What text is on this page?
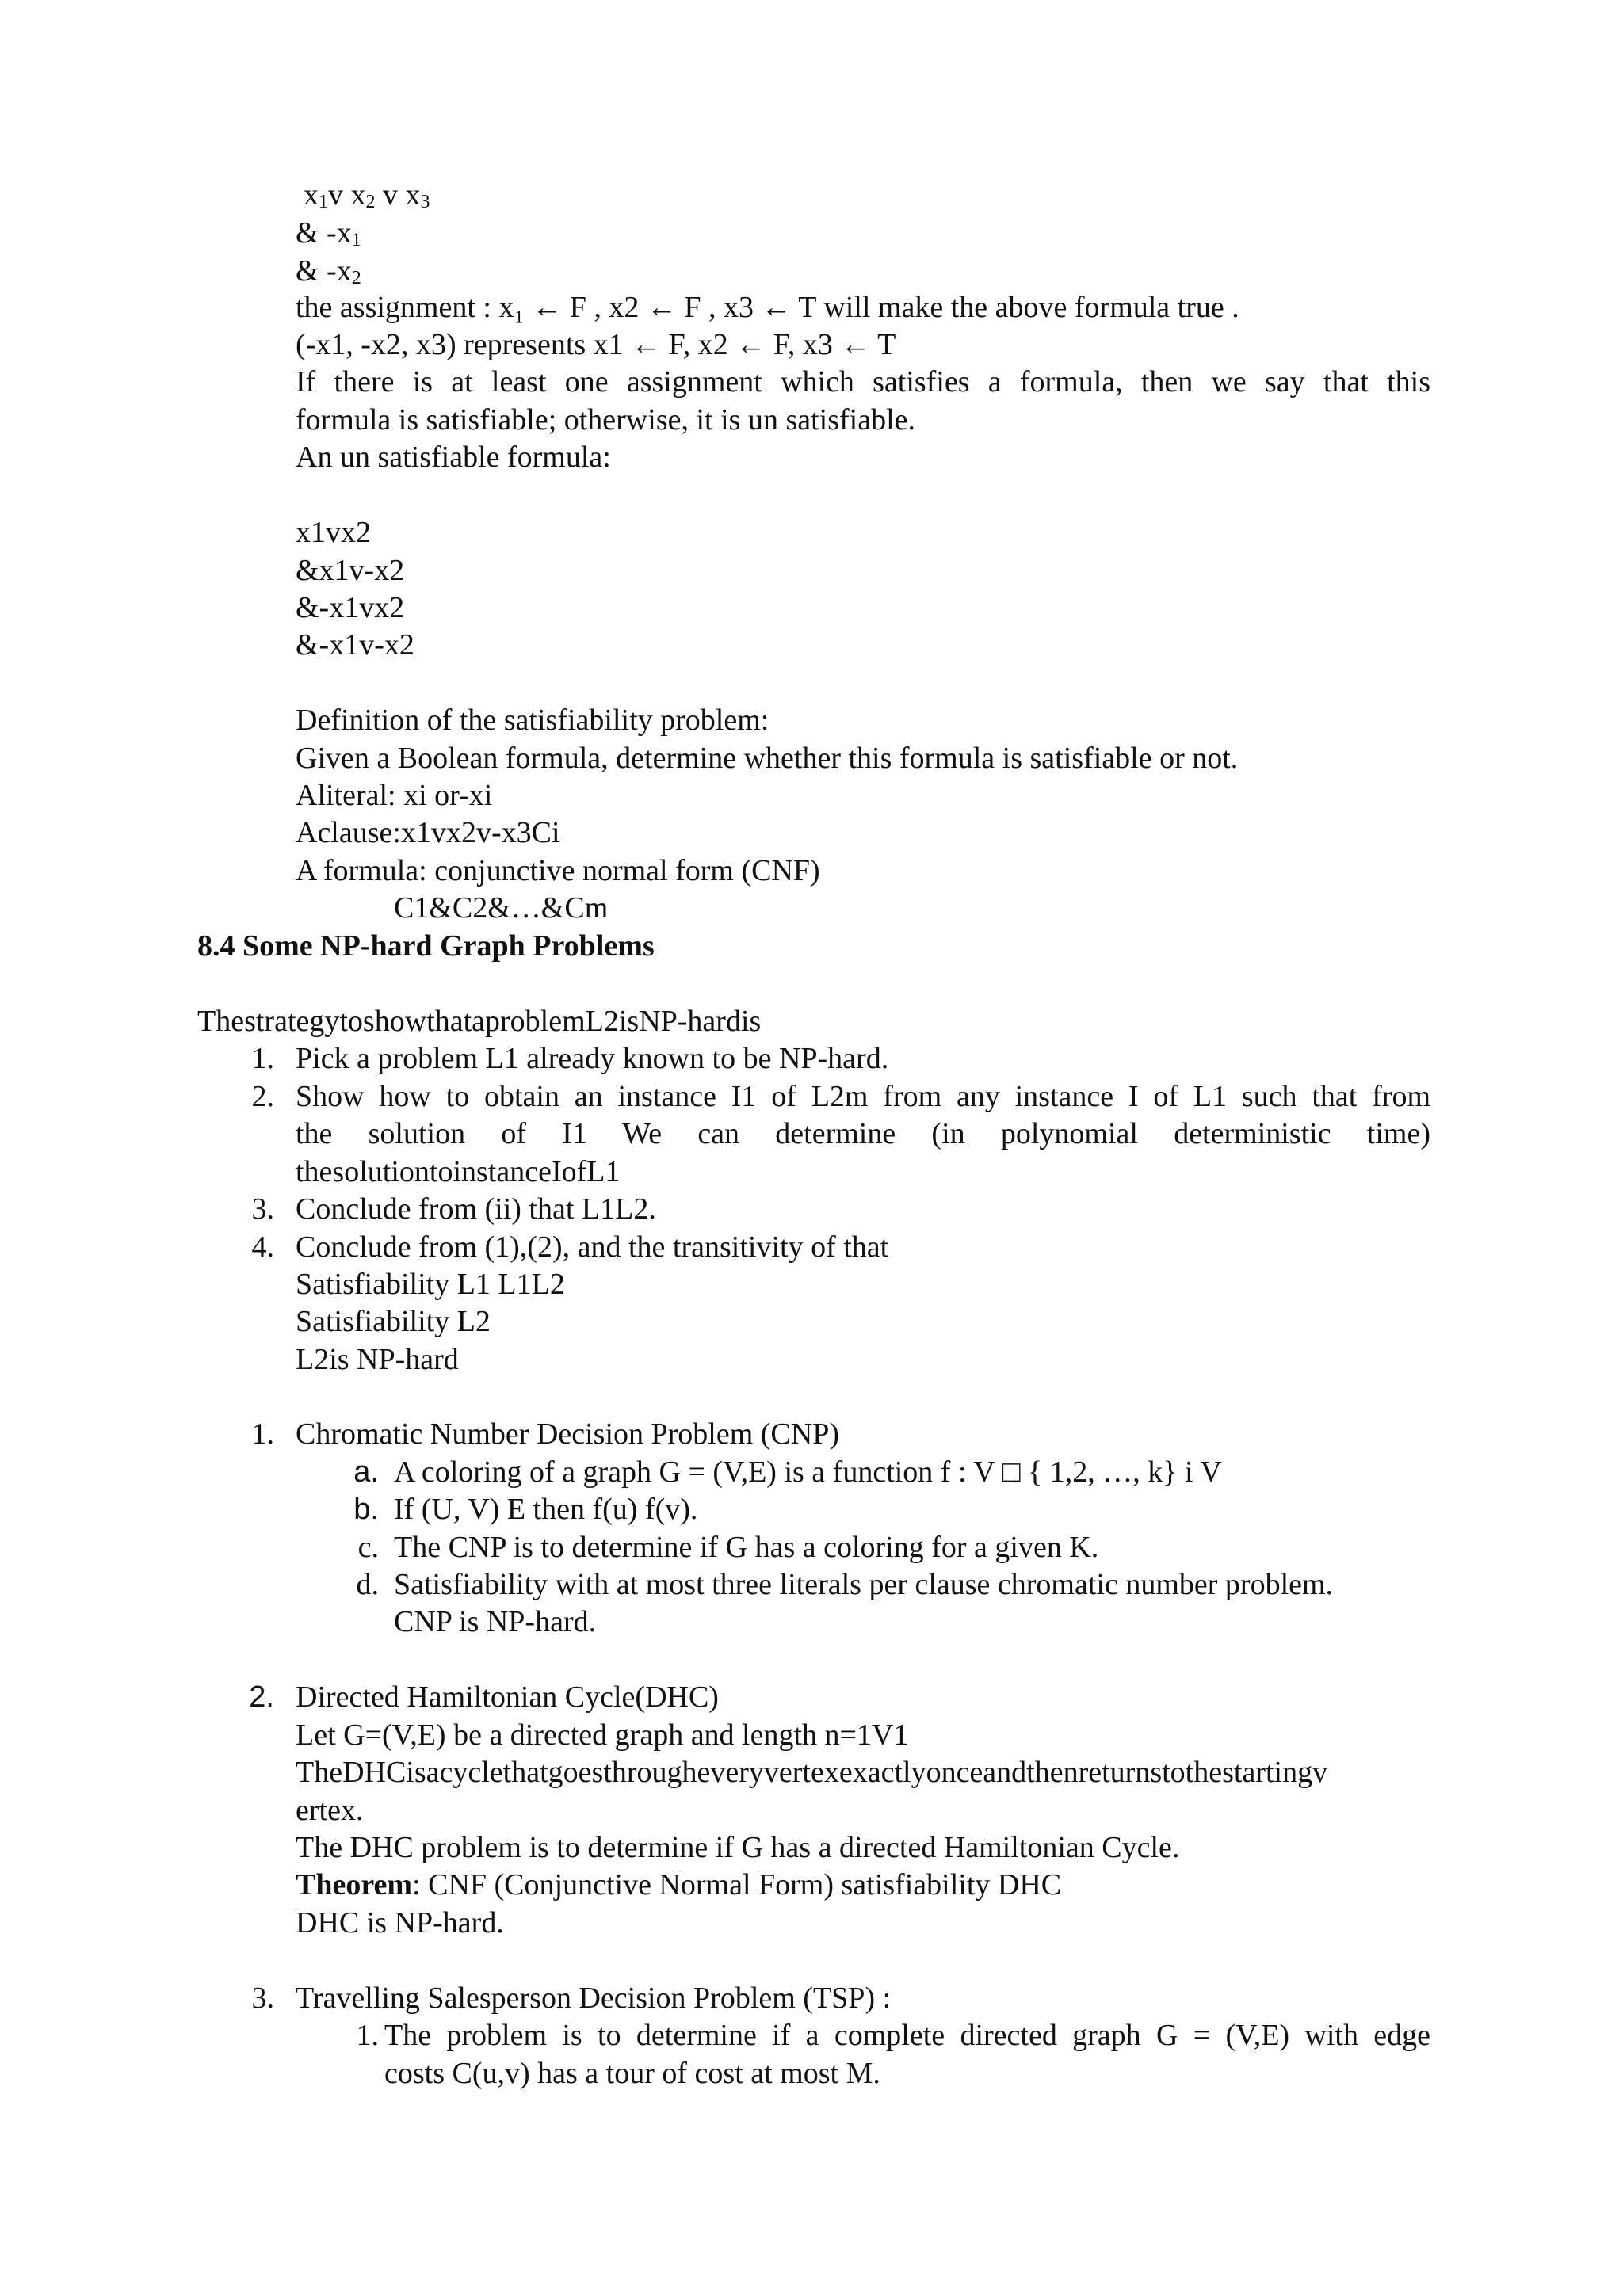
$x_1v$ $x_2$ v $x_3$
& $-x_1$
& $-x_2$
the assignment : x₁ ← F , x2 ← F , x3 ← T will make the above formula true .
(-x1, -x2, x3) represents x1 ← F, x2 ← F, x3 ← T
If there is at least one assignment which satisfies a formula, then we say that this
formula is satisfiable; otherwise, it is un satisfiable.
An un satisfiable formula:
x1vx2
&x1v-x2
&-x1vx2
&-x1v-x2
Definition of the satisfiability problem:
Given a Boolean formula, determine whether this formula is satisfiable or not.
Aliteral: xi or-xi
Aclause:x1vx2v-x3Ci
A formula: conjunctive normal form (CNF)
C1&C2&…&Cm
8.4 Some NP-hard Graph Problems
ThestrategytoshowthataproblemL2isNP-hardis
1. Pick a problem L1 already known to be NP-hard.
2. Show how to obtain an instance I1 of L2m from any instance I of L1 such that from
the solution of I1 We can determine (in polynomial deterministic time)
thesolutiontoinstanceIofL1
3. Conclude from (ii) that L1L2.
4. Conclude from (1),(2), and the transitivity of that
Satisfiability L1 L1L2
Satisfiability L2
L2is NP-hard
1. Chromatic Number Decision Problem (CNP)
a. A coloring of a graph G = (V,E) is a function f : V □ { 1,2, …, k} i V
b. If (U, V) E then f(u) f(v).
c. The CNP is to determine if G has a coloring for a given K.
d. Satisfiability with at most three literals per clause chromatic number problem.
CNP is NP-hard.
2. Directed Hamiltonian Cycle(DHC)
Let G=(V,E) be a directed graph and length n=1V1
TheDHCisacyclethatgoesthrougheveryvertexexactlyonceandthenreturnstothestartingv
ertex.
The DHC problem is to determine if G has a directed Hamiltonian Cycle.
Theorem: CNF (Conjunctive Normal Form) satisfiability DHC
DHC is NP-hard.
3. Travelling Salesperson Decision Problem (TSP) :
1. The problem is to determine if a complete directed graph G = (V,E) with edge
costs C(u,v) has a tour of cost at most M.
